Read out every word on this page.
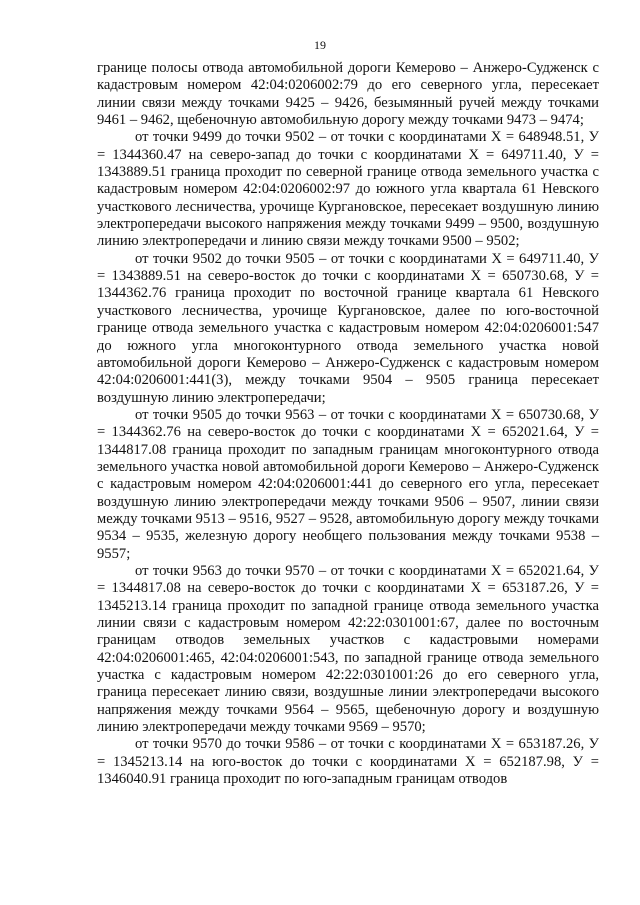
19

границе полосы отвода автомобильной дороги Кемерово – Анжеро-Судженск с кадастровым номером 42:04:0206002:79 до его северного угла, пересекает линии связи между точками 9425 – 9426, безымянный ручей между точками 9461 – 9462, щебеночную автомобильную дорогу между точками 9473 – 9474;

от точки 9499 до точки 9502 – от точки с координатами X = 648948.51, У = 1344360.47 на северо-запад до точки с координатами X = 649711.40, У = 1343889.51 граница проходит по северной границе отвода земельного участка с кадастровым номером 42:04:0206002:97 до южного угла квартала 61 Невского участкового лесничества, урочище Кургановское, пересекает воздушную линию электропередачи высокого напряжения между точками 9499 – 9500, воздушную линию электропередачи и линию связи между точками 9500 – 9502;

от точки 9502 до точки 9505 – от точки с координатами X = 649711.40, У = 1343889.51 на северо-восток до точки с координатами X = 650730.68, У = 1344362.76 граница проходит по восточной границе квартала 61 Невского участкового лесничества, урочище Кургановское, далее по юго-восточной границе отвода земельного участка с кадастровым номером 42:04:0206001:547 до южного угла многоконтурного отвода земельного участка новой автомобильной дороги Кемерово – Анжеро-Судженск с кадастровым номером 42:04:0206001:441(3), между точками 9504 – 9505 граница пересекает воздушную линию электропередачи;

от точки 9505 до точки 9563 – от точки с координатами X = 650730.68, У = 1344362.76 на северо-восток до точки с координатами X = 652021.64, У = 1344817.08 граница проходит по западным границам многоконтурного отвода земельного участка новой автомобильной дороги Кемерово – Анжеро-Судженск с кадастровым номером 42:04:0206001:441 до северного его угла, пересекает воздушную линию электропередачи между точками 9506 – 9507, линии связи между точками 9513 – 9516, 9527 – 9528, автомобильную дорогу между точками 9534 – 9535, железную дорогу необщего пользования между точками 9538 – 9557;

от точки 9563 до точки 9570 – от точки с координатами X = 652021.64, У = 1344817.08 на северо-восток до точки с координатами X = 653187.26, У = 1345213.14 граница проходит по западной границе отвода земельного участка линии связи с кадастровым номером 42:22:0301001:67, далее по восточным границам отводов земельных участков с кадастровыми номерами 42:04:0206001:465, 42:04:0206001:543, по западной границе отвода земельного участка с кадастровым номером 42:22:0301001:26 до его северного угла, граница пересекает линию связи, воздушные линии электропередачи высокого напряжения между точками 9564 – 9565, щебеночную дорогу и воздушную линию электропередачи между точками 9569 – 9570;

от точки 9570 до точки 9586 – от точки с координатами X = 653187.26, У = 1345213.14 на юго-восток до точки с координатами X = 652187.98, У = 1346040.91 граница проходит по юго-западным границам отводов
